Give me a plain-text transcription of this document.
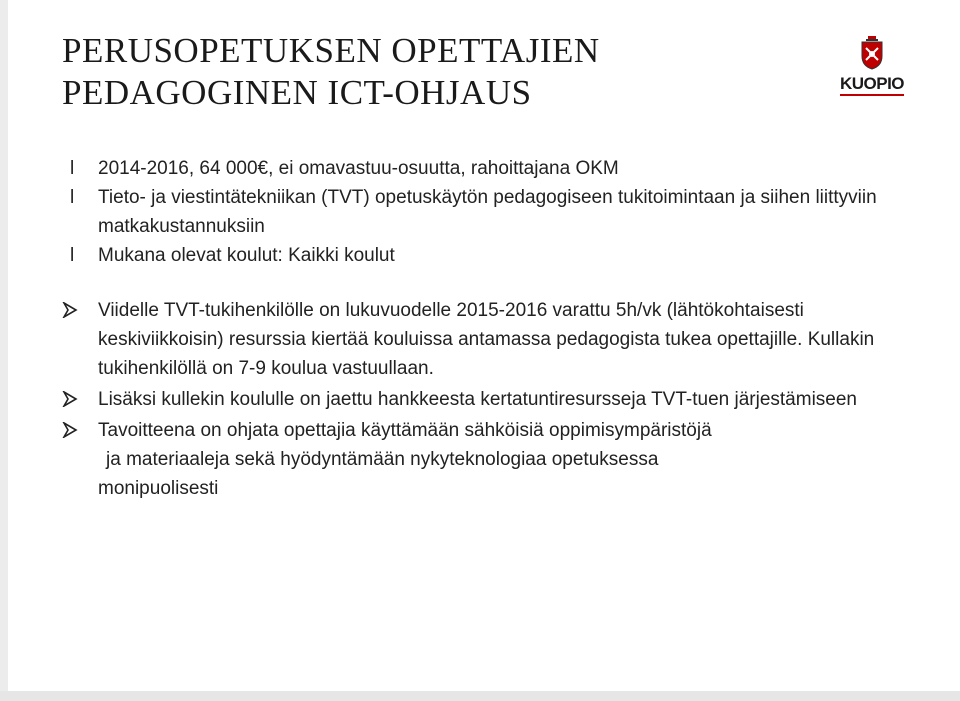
PERUSOPETUKSEN OPETTAJIEN
PEDAGOGINEN ICT-OHJAUS	KUOPIO
l 2014-2016, 64 000€, ei omavastuu-osuutta, rahoittajana OKM
l Tieto- ja viestintätekniikan (TVT) opetuskäytön pedagogiseen tukitoimintaan ja siihen liittyviin matkakustannuksiin
l Mukana olevat koulut: Kaikki koulut
Viidelle TVT-tukihenkilölle on lukuvuodelle 2015-2016 varattu 5h/vk (lähtökohtaisesti keskiviikkoisin) resurssia kiertää kouluissa antamassa pedagogista tukea opettajille. Kullakin tukihenkilöllä on 7-9 koulua vastuullaan.
Lisäksi kullekin koululle on jaettu hankkeesta kertatuntiresursseja TVT-tuen järjestämiseen
Tavoitteena on ohjata opettajia käyttämään sähköisiä oppimisympäristöjä
ja materiaaleja sekä hyödyntämään nykyteknologiaa opetuksessa
monipuolisesti
